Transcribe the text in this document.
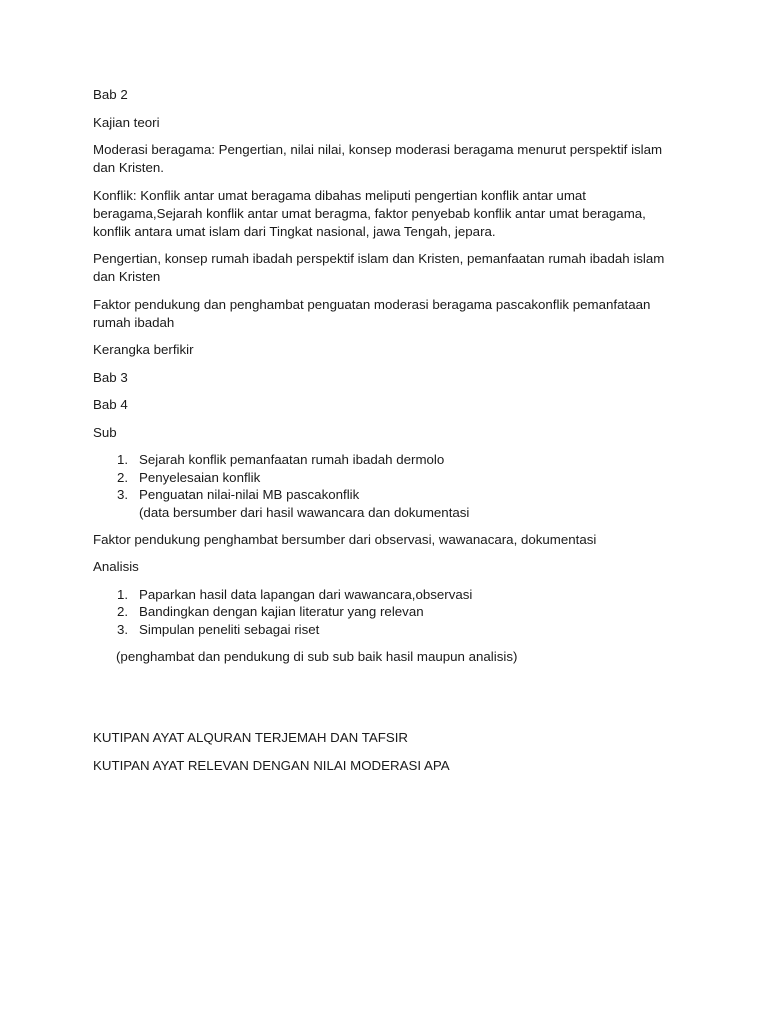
Bab 2

Kajian teori

Moderasi beragama: Pengertian, nilai nilai, konsep moderasi beragama menurut perspektif islam dan Kristen.

Konflik: Konflik antar umat beragama dibahas meliputi pengertian konflik antar umat beragama,Sejarah konflik antar umat beragma, faktor penyebab konflik antar umat beragama, konflik antara umat islam dari Tingkat nasional, jawa Tengah, jepara.

Pengertian, konsep rumah ibadah perspektif islam dan Kristen, pemanfaatan rumah ibadah islam dan Kristen

Faktor pendukung dan penghambat penguatan moderasi beragama pascakonflik pemanfataan rumah ibadah

Kerangka berfikir

Bab 3

Bab 4

Sub

1. Sejarah konflik pemanfaatan rumah ibadah dermolo
2. Penyelesaian konflik
3. Penguatan nilai-nilai MB pascakonflik
(data bersumber dari hasil wawancara dan dokumentasi

Faktor pendukung penghambat bersumber dari observasi, wawanacara, dokumentasi

Analisis

1. Paparkan hasil data lapangan dari wawancara,observasi
2. Bandingkan dengan kajian literatur yang relevan
3. Simpulan peneliti sebagai riset

(penghambat dan pendukung di sub sub baik hasil maupun analisis)

KUTIPAN AYAT ALQURAN TERJEMAH DAN TAFSIR

KUTIPAN AYAT RELEVAN DENGAN NILAI MODERASI APA
